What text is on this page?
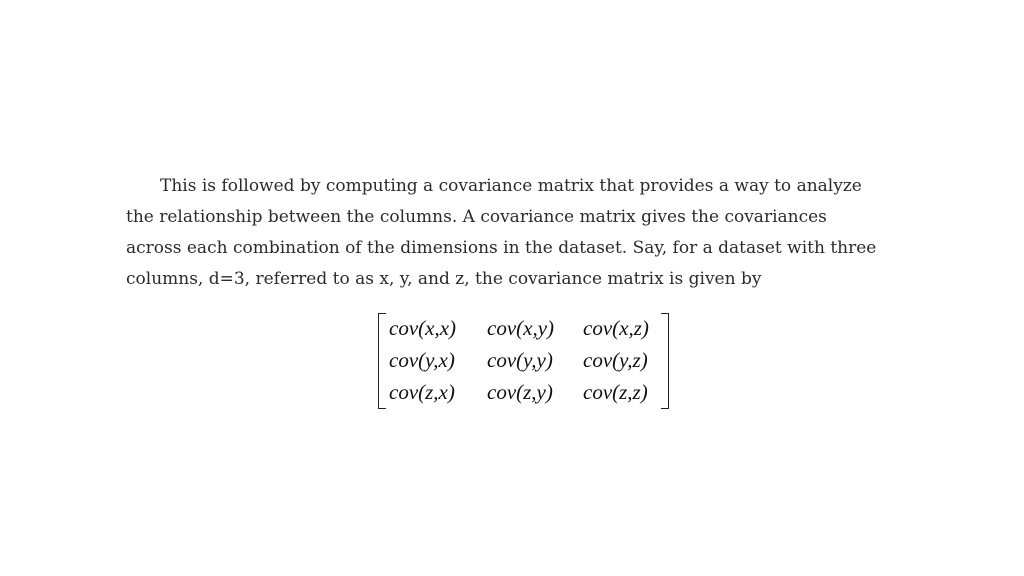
This is followed by computing a covariance matrix that provides a way to analyze
the relationship between the columns. A covariance matrix gives the covariances
across each combination of the dimensions in the dataset. Say, for a dataset with three
columns, d=3, referred to as x, y, and z, the covariance matrix is given by
cov(x,x) cov(x,y) cov(x,z)
cov(y,x) cov(y,y) cov(y,z)
cov(z,x) cov(z,y) cov(z,z)
